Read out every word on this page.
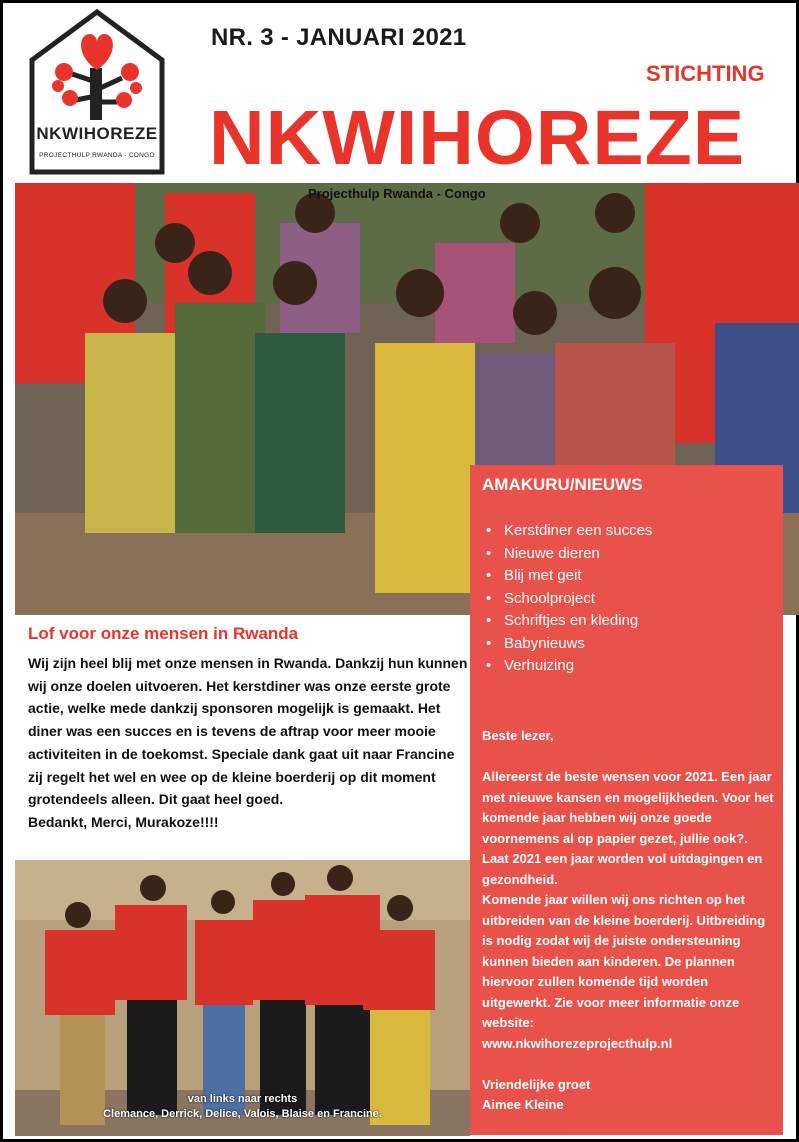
NKWIHOREZE
PROJECTHULP RWANDA - CONGO
NR. 3 - JANUARI 2021
STICHTING
NKWIHOREZE
Projecthulp Rwanda - Congo
AMAKURU/NIEUWS
• Kerstdiner een succes
• Nieuwe dieren
• Blij met geit
• Schoolproject
• Schriftjes en kleding
• Babynieuws
• Verhuizing

Beste lezer,

Allereerst de beste wensen voor 2021. Een jaar met nieuwe kansen en mogelijkheden. Voor het komende jaar hebben wij onze goede voornemens al op papier gezet, jullie ook?. Laat 2021 een jaar worden vol uitdagingen en gezondheid.

Komende jaar willen wij ons richten op het uitbreiden van de kleine boerderij. Uitbreiding is nodig zodat wij de juiste ondersteuning kunnen bieden aan kinderen. De plannen hiervoor zullen komende tijd worden uitgewerkt. Zie voor meer informatie onze website:

www.nkwihorezeprojecthulp.nl

Vriendelijke groet

Aimee Kleine

Lof voor onze mensen in Rwanda

Wij zijn heel blij met onze mensen in Rwanda. Dankzij hun kunnen wij onze doelen uitvoeren. Het kerstdiner was onze eerste grote actie, welke mede dankzij sponsoren mogelijk is gemaakt. Het diner was een succes en is tevens de aftrap voor meer mooie activiteiten in de toekomst. Speciale dank gaat uit naar Francine zij regelt het wel en wee op de kleine boerderij op dit moment grotendeels alleen. Dit gaat heel goed.

Bedankt, Merci, Murakoze!!!!

van links naar rechts
Clemance, Derrick, Delice, Valois, Blaise en Francine.
